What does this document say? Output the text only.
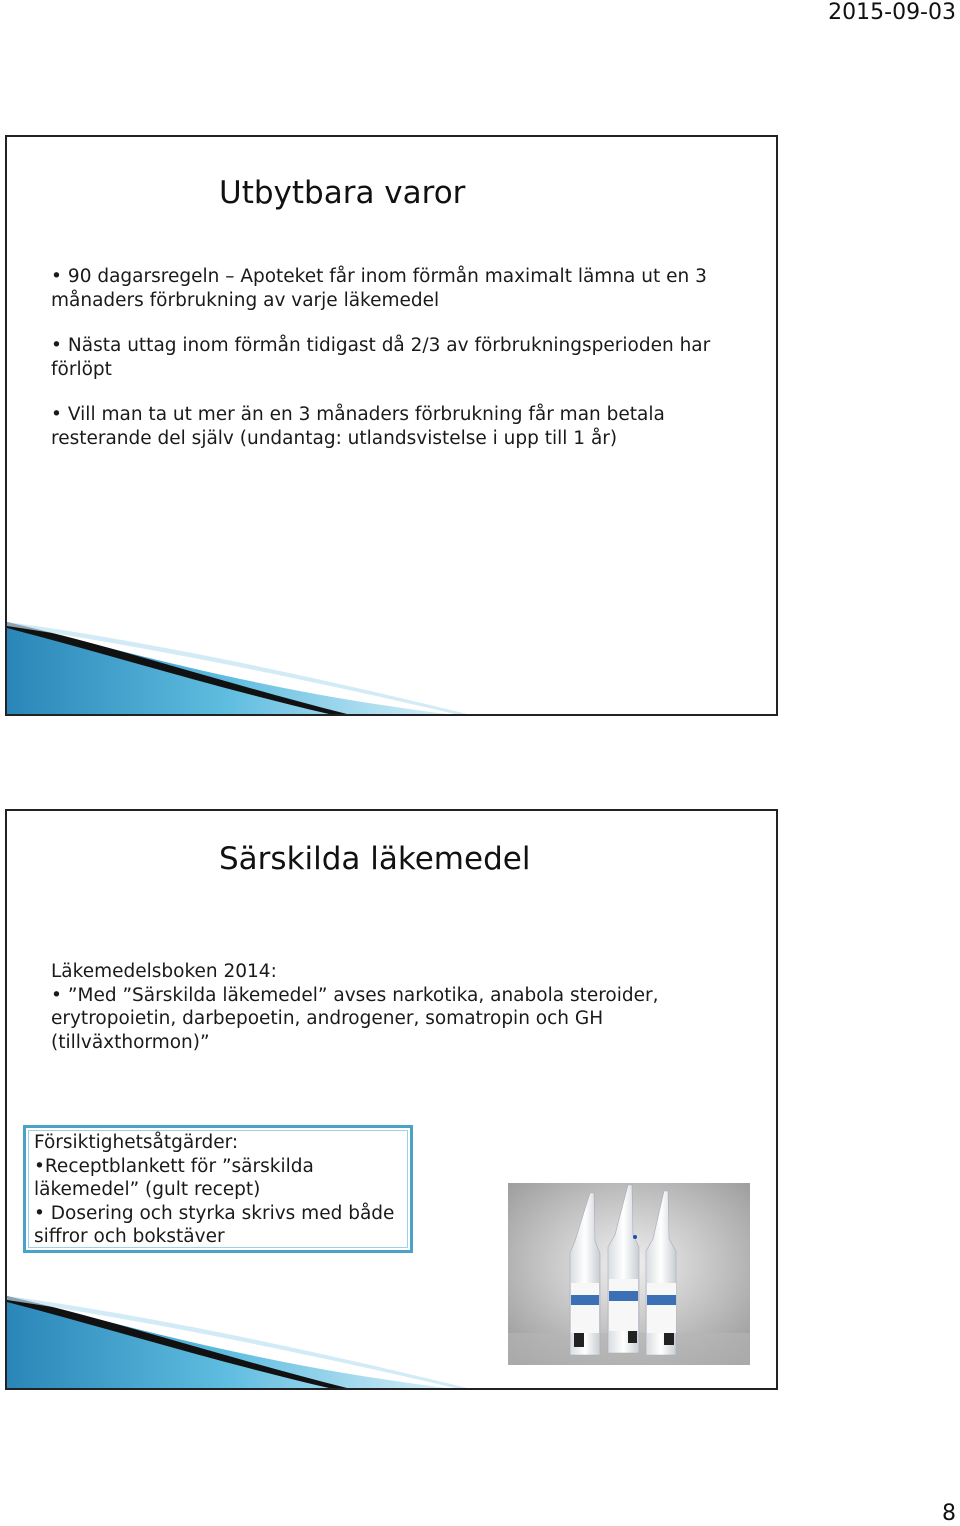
2015-09-03
Utbytbara varor
• 90 dagarsregeln – Apoteket får inom förmån maximalt lämna ut en 3 månaders förbrukning av varje läkemedel
• Nästa uttag inom förmån tidigast då 2/3 av förbrukningsperioden har förlöpt
• Vill man ta ut mer än en 3 månaders förbrukning får man betala resterande del själv (undantag: utlandsvistelse i upp till 1 år)
Särskilda läkemedel
Läkemedelsboken 2014:
• ”Med ”Särskilda läkemedel” avses narkotika, anabola steroider, erytropoietin, darbepoetin, androgener, somatropin och GH (tillväxthormon)”

Försiktighetsåtgärder:

•Receptblankett för ”särskilda läkemedel” (gult recept)

• Dosering och styrka skrivs med både siffror och bokstäver

8
